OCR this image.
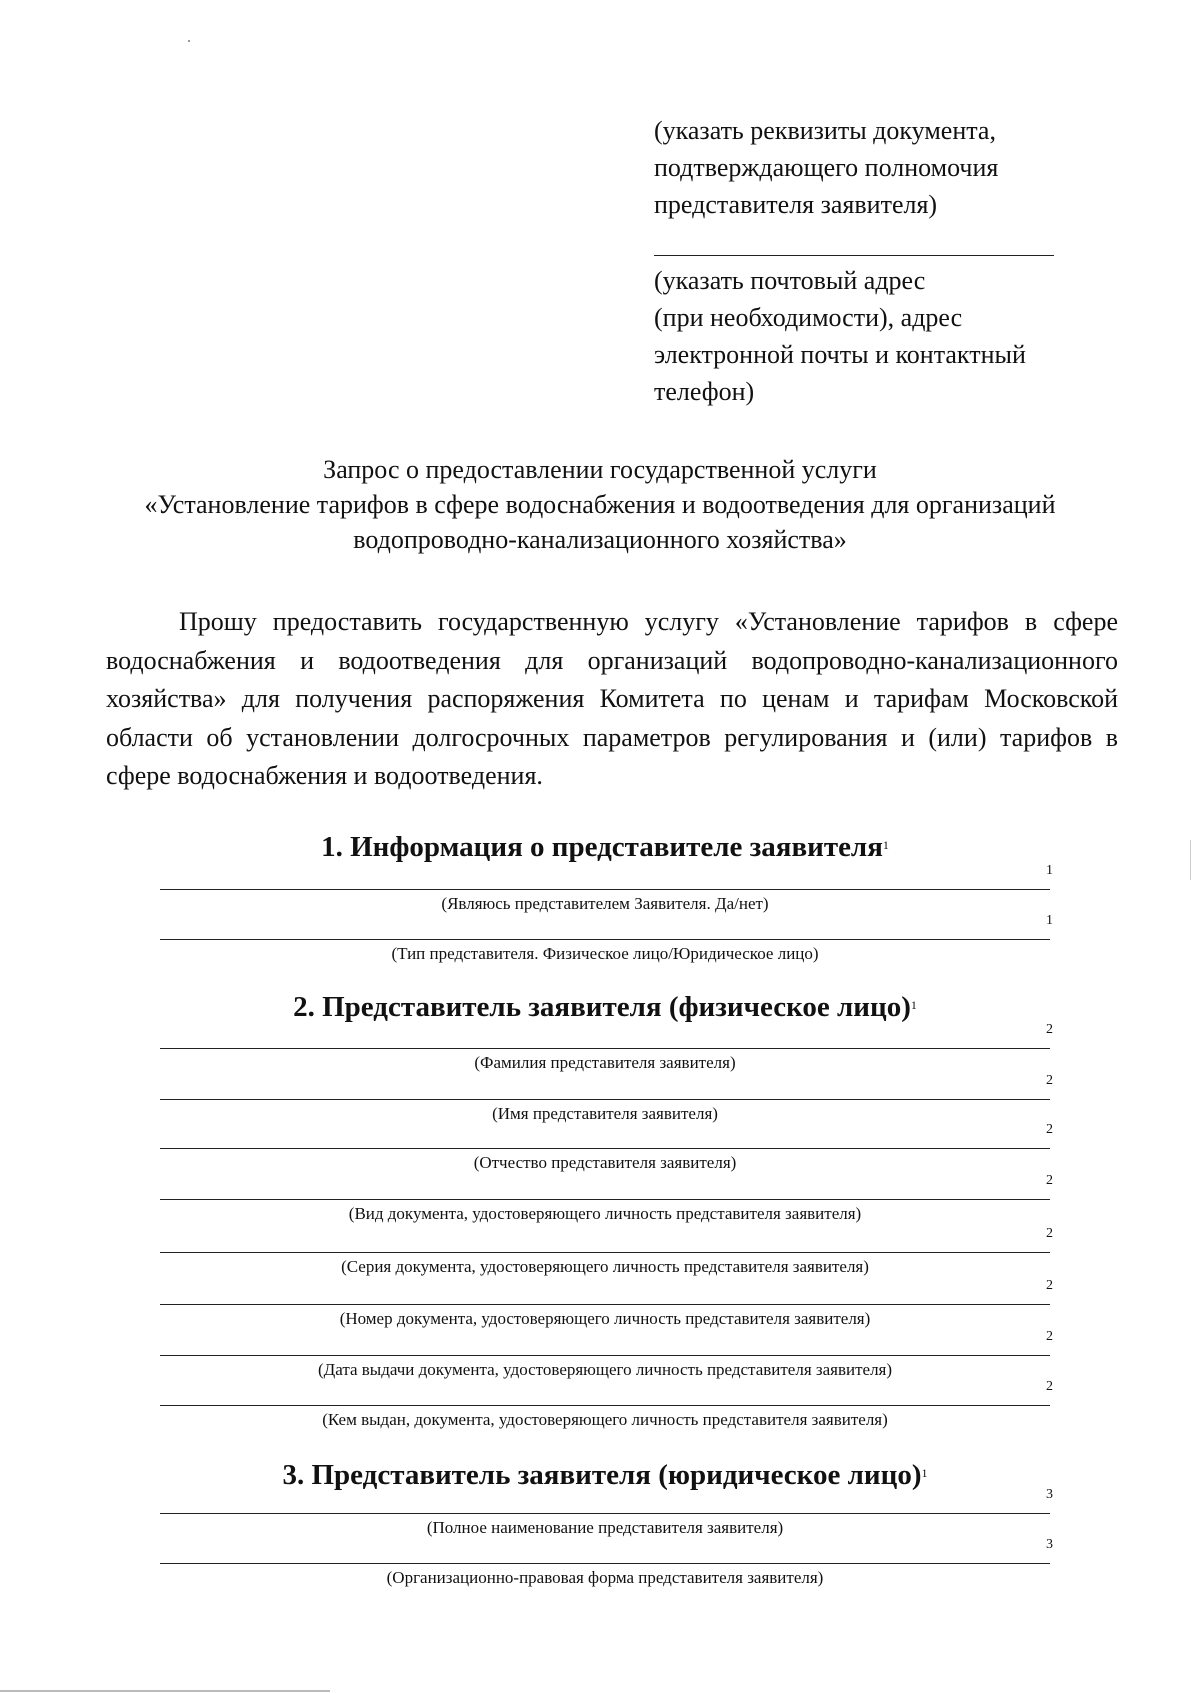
(указать реквизиты документа,
подтверждающего полномочия
представителя заявителя)
(указать почтовый адрес
(при необходимости), адрес
электронной почты и контактный
телефон)
Запрос о предоставлении государственной услуги
«Установление тарифов в сфере водоснабжения и водоотведения для организаций
водопроводно-канализационного хозяйства»
Прошу предоставить государственную услугу «Установление тарифов в сфере водоснабжения и водоотведения для организаций водопроводно-канализационного хозяйства» для получения распоряжения Комитета по ценам и тарифам Московской области об установлении долгосрочных параметров регулирования и (или) тарифов в сфере водоснабжения и водоотведения.
1. Информация о представителе заявителя$^1$
1
(Являюсь представителем Заявителя. Да/нет)
1
(Тип представителя. Физическое лицо/Юридическое лицо)
2. Представитель заявителя (физическое лицо)$^1$
2
(Фамилия представителя заявителя)
2
(Имя представителя заявителя)
2
(Отчество представителя заявителя)
2
(Вид документа, удостоверяющего личность представителя заявителя)
2
(Серия документа, удостоверяющего личность представителя заявителя)
2
(Номер документа, удостоверяющего личность представителя заявителя)
2
(Дата выдачи документа, удостоверяющего личность представителя заявителя)
2
(Кем выдан, документа, удостоверяющего личность представителя заявителя)
3. Представитель заявителя (юридическое лицо)$^1$
3
(Полное наименование представителя заявителя)
3
(Организационно-правовая форма представителя заявителя)
